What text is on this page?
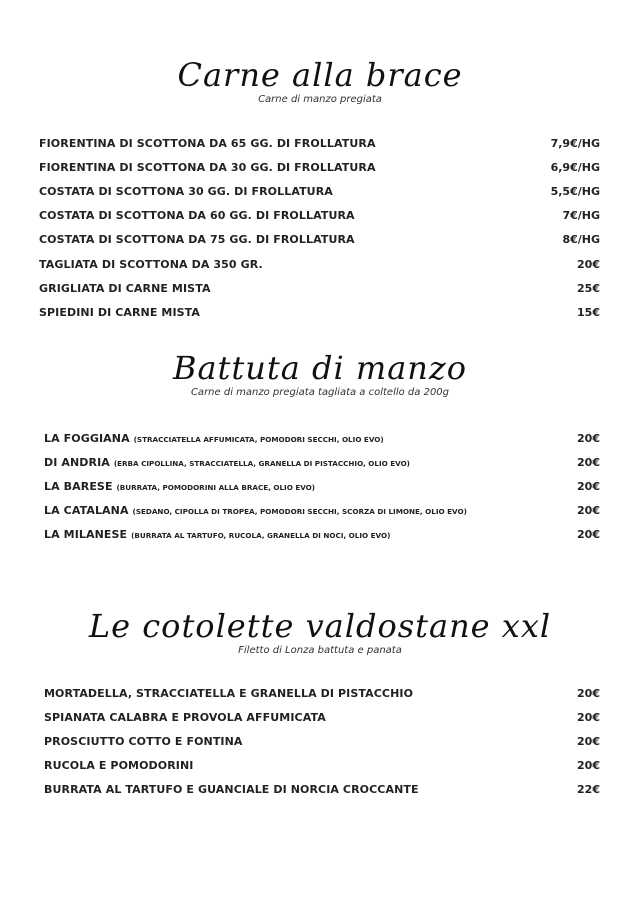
Carne alla brace
Carne di manzo pregiata
FIORENTINA DI SCOTTONA DA 65 GG. DI FROLLATURA	7,9€/HG
FIORENTINA DI SCOTTONA DA 30 GG. DI FROLLATURA	6,9€/HG
COSTATA DI SCOTTONA 30 GG. DI FROLLATURA	5,5€/HG
COSTATA DI SCOTTONA DA 60 GG. DI FROLLATURA	7€/HG
COSTATA DI SCOTTONA DA 75 GG. DI FROLLATURA	8€/HG
TAGLIATA DI SCOTTONA DA 350 GR.	20€
GRIGLIATA DI CARNE MISTA	25€
SPIEDINI DI CARNE MISTA	15€
Battuta di manzo
Carne di manzo pregiata tagliata a coltello da 200g
LA FOGGIANA (STRACCIATELLA AFFUMICATA, POMODORI SECCHI, OLIO EVO)	20€
DI ANDRIA (ERBA CIPOLLINA, STRACCIATELLA, GRANELLA DI PISTACCHIO, OLIO EVO)	20€
LA BARESE (BURRATA, POMODORINI ALLA BRACE, OLIO EVO)	20€
LA CATALANA (SEDANO, CIPOLLA DI TROPEA, POMODORI SECCHI, SCORZA DI LIMONE, OLIO EVO)	20€
LA MILANESE (BURRATA AL TARTUFO, RUCOLA, GRANELLA DI NOCI, OLIO EVO)	20€
Le cotolette valdostane xxl
Filetto di Lonza battuta e panata
MORTADELLA, STRACCIATELLA E GRANELLA DI PISTACCHIO	20€
SPIANATA CALABRA E PROVOLA AFFUMICATA	20€
PROSCIUTTO COTTO E FONTINA	20€
RUCOLA E POMODORINI	20€
BURRATA AL TARTUFO E GUANCIALE DI NORCIA CROCCANTE	22€
